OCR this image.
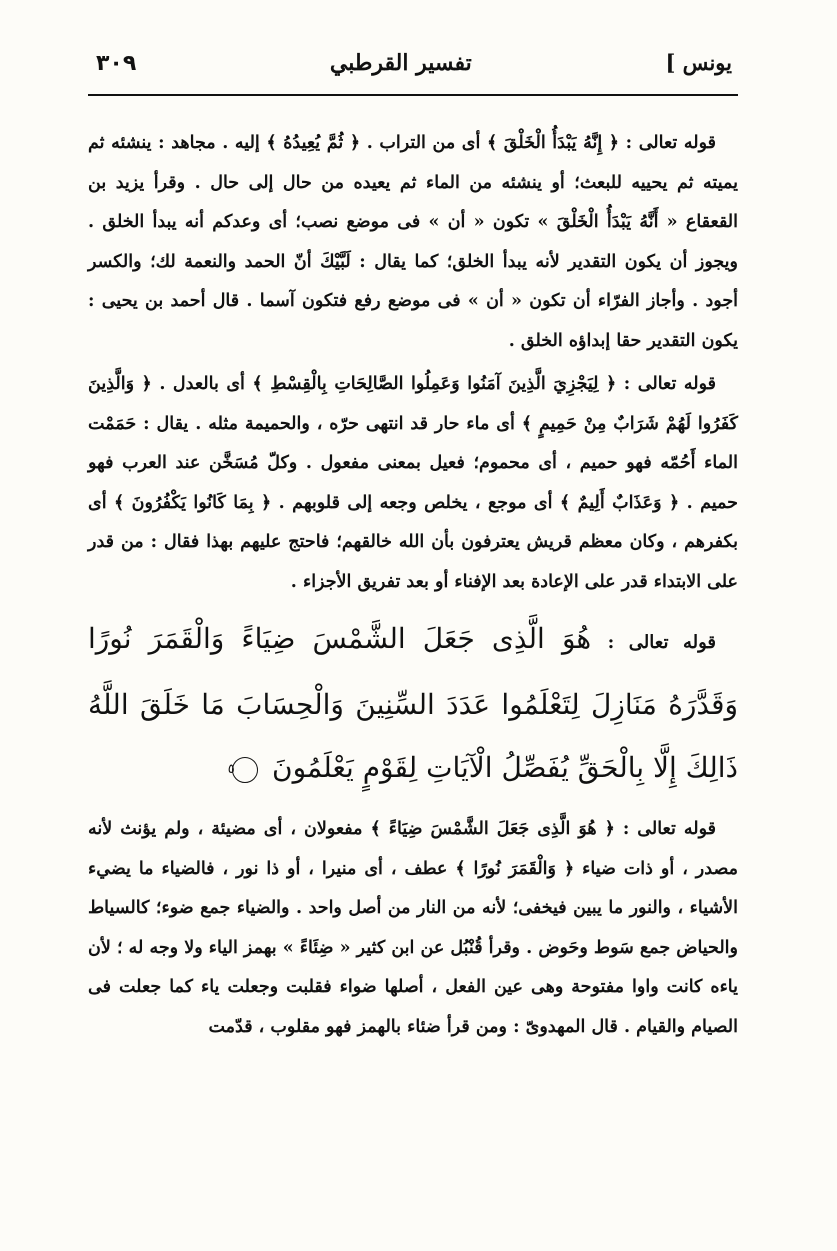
يونس ]
تفسير القرطبي
٣٠٩

قوله تعالى : ﴿ إِنَّهُ يَبْدَأُ الْخَلْقَ ﴾ أى من التراب . ﴿ ثُمَّ يُعِيدُهُ ﴾ إليه . مجاهد : ينشئه ثم يميته ثم يحييه للبعث؛ أو ينشئه من الماء ثم يعيده من حال إلى حال . وقرأ يزيد بن القعقاع « أَنَّهُ يَبْدَأُ الْخَلْقَ » تكون « أن » فى موضع نصب؛ أى وعدكم أنه يبدأ الخلق . ويجوز أن يكون التقدير لأنه يبدأ الخلق؛ كما يقال : لَبَّيْكَ أنّ الحمد والنعمة لك؛ والكسر أجود . وأجاز الفرّاء أن تكون « أن » فى موضع رفع فتكون آسما . قال أحمد بن يحيى : يكون التقدير حقا إبداؤه الخلق .

قوله تعالى : ﴿ لِيَجْزِيَ الَّذِينَ آمَنُوا وَعَمِلُوا الصَّالِحَاتِ بِالْقِسْطِ ﴾ أى بالعدل . ﴿ وَالَّذِينَ كَفَرُوا لَهُمْ شَرَابٌ مِنْ حَمِيمٍ ﴾ أى ماء حار قد انتهى حرّه ، والحميمة مثله . يقال : حَمَمْت الماء أَحُمّه فهو حميم ، أى محموم؛ فعيل بمعنى مفعول . وكلّ مُسَخَّن عند العرب فهو حميم . ﴿ وَعَذَابٌ أَلِيمٌ ﴾ أى موجع ، يخلص وجعه إلى قلوبهم . ﴿ بِمَا كَانُوا يَكْفُرُونَ ﴾ أى بكفرهم ، وكان معظم قريش يعترفون بأن الله خالقهم؛ فاحتج عليهم بهذا فقال : من قدر على الابتداء قدر على الإعادة بعد الإفناء أو بعد تفريق الأجزاء .

قوله تعالى : هُوَ الَّذِى جَعَلَ الشَّمْسَ ضِيَاءً وَالْقَمَرَ نُورًا وَقَدَّرَهُ مَنَازِلَ لِتَعْلَمُوا عَدَدَ السِّنِينَ وَالْحِسَابَ مَا خَلَقَ اللَّهُ ذَالِكَ إِلَّا بِالْحَقِّ يُفَصِّلُ الْآيَاتِ لِقَوْمٍ يَعْلَمُونَ ٥

قوله تعالى : ﴿ هُوَ الَّذِى جَعَلَ الشَّمْسَ ضِيَاءً ﴾ مفعولان ، أى مضيئة ، ولم يؤنث لأنه مصدر ، أو ذات ضياء ﴿ وَالْقَمَرَ نُورًا ﴾ عطف ، أى منيرا ، أو ذا نور ، فالضياء ما يضيء الأشياء ، والنور ما يبين فيخفى؛ لأنه من النار من أصل واحد . والضياء جمع ضوء؛ كالسياط والحياض جمع سَوط وحَوض . وقرأ قُنْبُل عن ابن كثير « ضِئَاءً » بهمز الياء ولا وجه له ؛ لأن ياءه كانت واوا مفتوحة وهى عين الفعل ، أصلها ضواء فقلبت وجعلت ياء كما جعلت فى الصيام والقيام . قال المهدوىّ : ومن قرأ ضئاء بالهمز فهو مقلوب ، قدّمت
